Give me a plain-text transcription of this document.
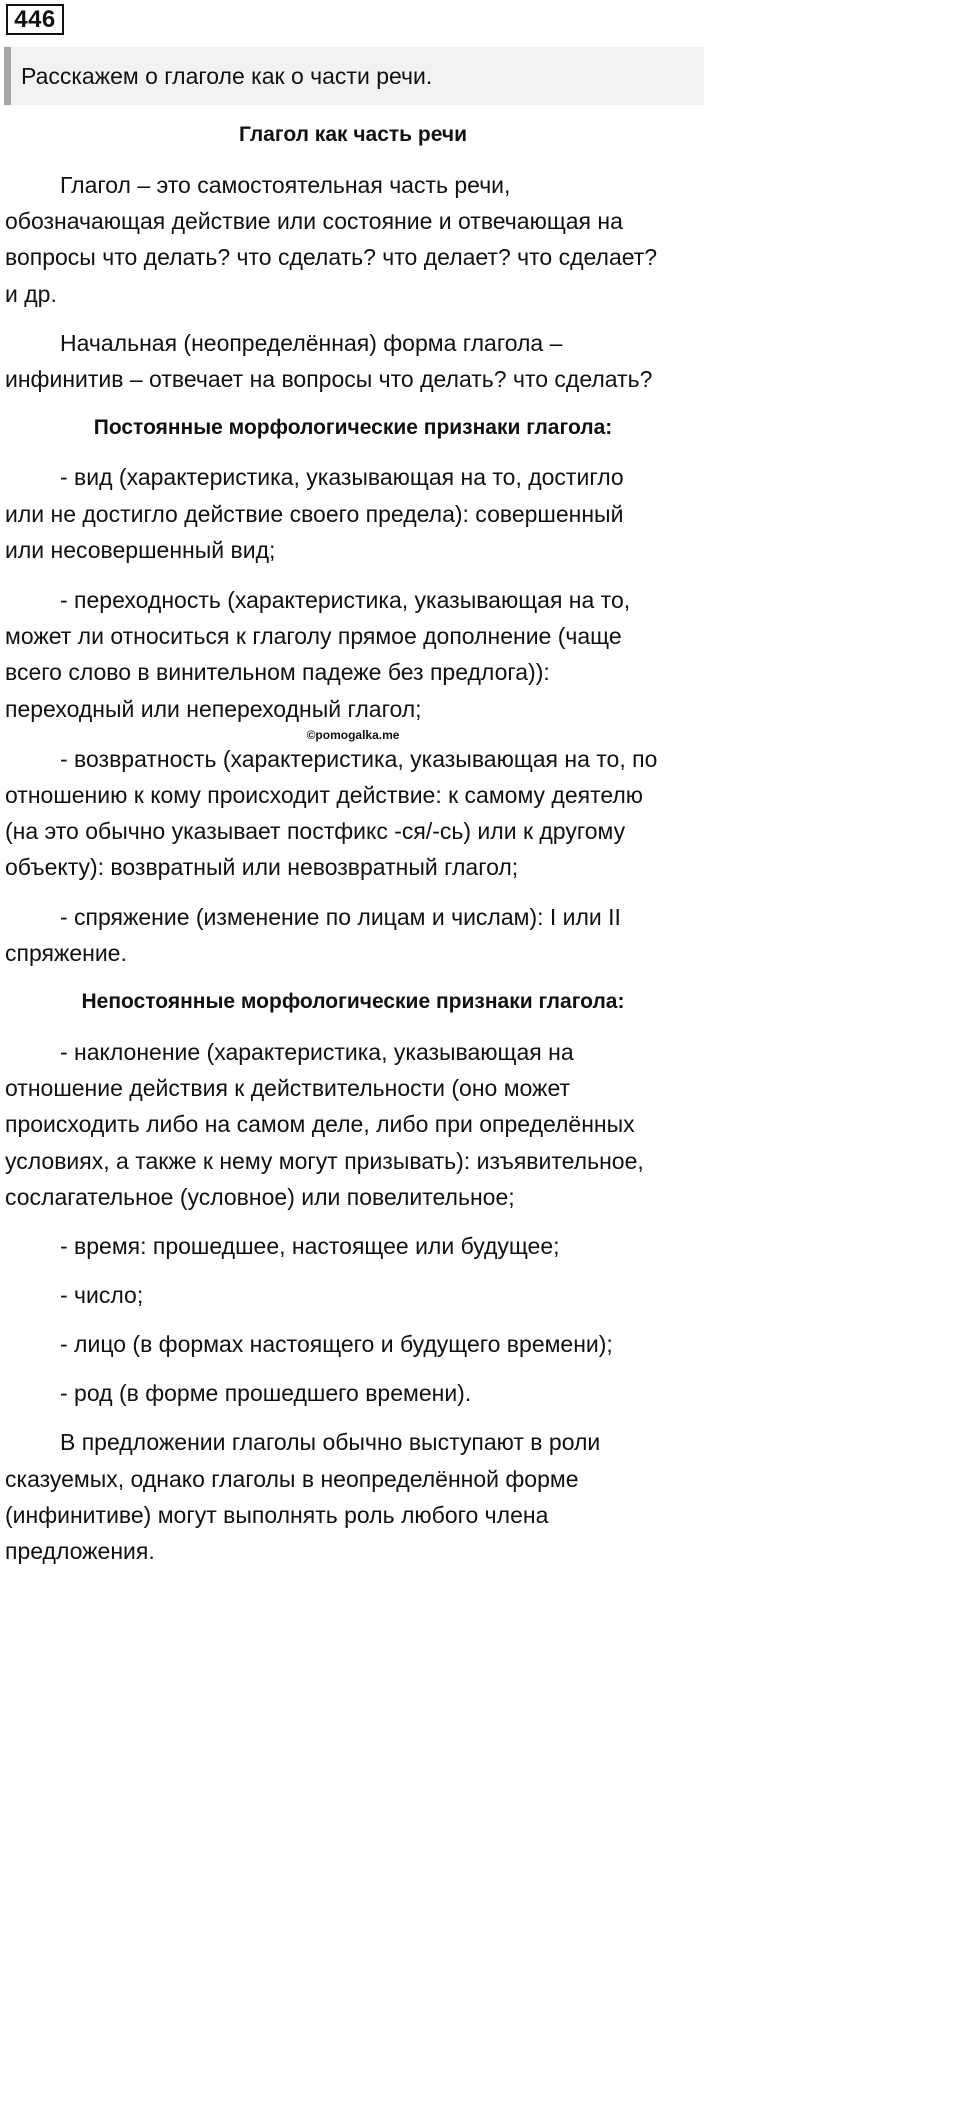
446
Расскажем о глаголе как о части речи.
Глагол как часть речи
Глагол – это самостоятельная часть речи,
обозначающая действие или состояние и отвечающая на
вопросы что делать? что сделать? что делает? что сделает?
и др.
Начальная (неопределённая) форма глагола –
инфинитив – отвечает на вопросы что делать? что сделать?
Постоянные морфологические признаки глагола:
- вид (характеристика, указывающая на то, достигло
или не достигло действие своего предела): совершенный
или несовершенный вид;
- переходность (характеристика, указывающая на то,
может ли относиться к глаголу прямое дополнение (чаще
всего слово в винительном падеже без предлога)):
переходный или непереходный глагол;
©pomogalka.me
- возвратность (характеристика, указывающая на то, по
отношению к кому происходит действие: к самому деятелю
(на это обычно указывает постфикс -ся/-сь) или к другому
объекту): возвратный или невозвратный глагол;
- спряжение (изменение по лицам и числам): I или II
спряжение.
Непостоянные морфологические признаки глагола:
- наклонение (характеристика, указывающая на
отношение действия к действительности (оно может
происходить либо на самом деле, либо при определённых
условиях, а также к нему могут призывать): изъявительное,
сослагательное (условное) или повелительное;
- время: прошедшее, настоящее или будущее;
- число;
- лицо (в формах настоящего и будущего времени);
- род (в форме прошедшего времени).
В предложении глаголы обычно выступают в роли
сказуемых, однако глаголы в неопределённой форме
(инфинитиве) могут выполнять роль любого члена
предложения.
